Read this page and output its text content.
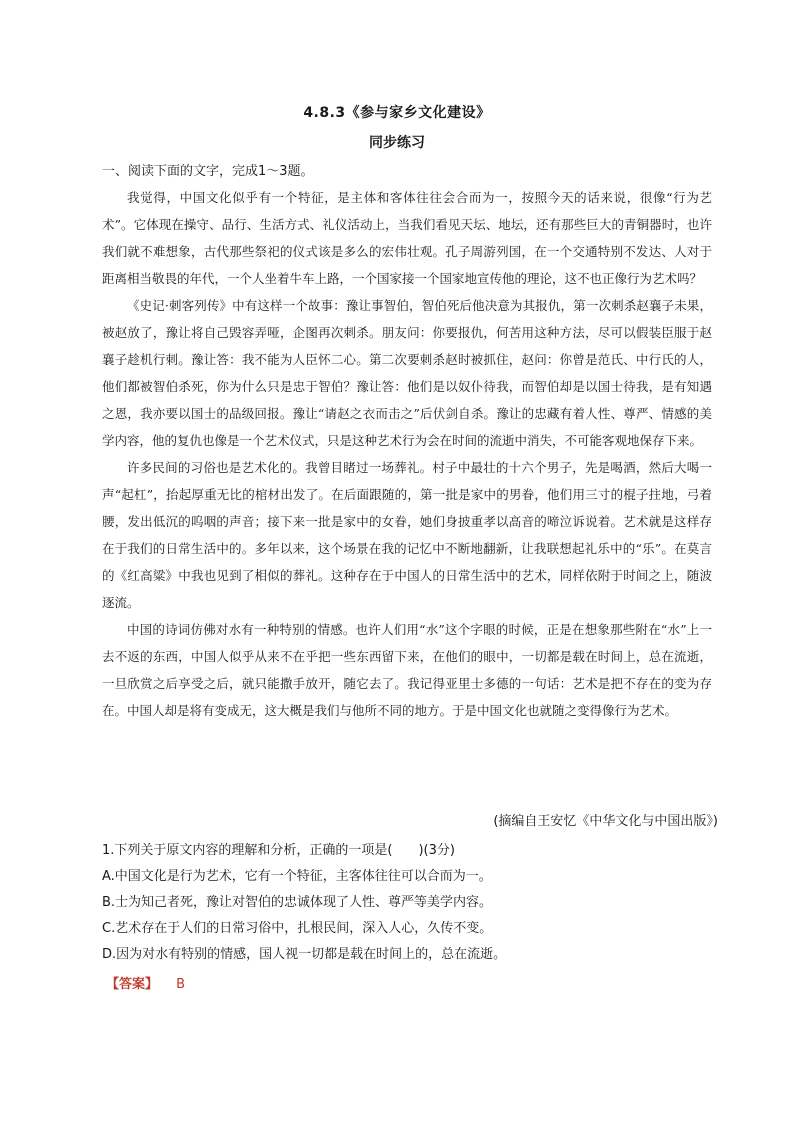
4.8.3《参与家乡文化建设》
同步练习
一、阅读下面的文字，完成1～3题。

我觉得，中国文化似乎有一个特征，是主体和客体往往会合而为一，按照今天的话来说，很像“行为艺术”。它体现在操守、品行、生活方式、礼仪活动上，当我们看见天坛、地坛，还有那些巨大的青铜器时，也许我们就不难想象，古代那些祭祀的仪式该是多么的宏伟壮观。孔子周游列国，在一个交通特别不发达、人对于距离相当敬畏的年代，一个人坐着牛车上路，一个国家接一个国家地宣传他的理论，这不也正像行为艺术吗？

《史记·刺客列传》中有这样一个故事：豫让事智伯，智伯死后他决意为其报仇，第一次刺杀赵襄子未果，被赵放了，豫让将自己毁容弄哑，企图再次刺杀。朋友问：你要报仇，何苦用这种方法，尽可以假装臣服于赵襄子趁机行刺。豫让答：我不能为人臣怀二心。第二次要刺杀赵时被抓住，赵问：你曾是范氏、中行氏的人，他们都被智伯杀死，你为什么只是忠于智伯？豫让答：他们是以奴仆待我，而智伯却是以国士待我，是有知遇之恩，我亦要以国士的品级回报。豫让“请赵之衣而击之”后伏剑自杀。豫让的忠藏有着人性、尊严、情感的美学内容，他的复仇也像是一个艺术仪式，只是这种艺术行为会在时间的流逝中消失，不可能客观地保存下来。

许多民间的习俗也是艺术化的。我曾目睹过一场葬礼。村子中最壮的十六个男子，先是喝酒，然后大喝一声“起杠”，抬起厚重无比的棺材出发了。在后面跟随的，第一批是家中的男眷，他们用三寸的棍子拄地，弓着腰，发出低沉的呜咽的声音；接下来一批是家中的女眷，她们身披重孝以高音的啼泣诉说着。艺术就是这样存在于我们的日常生活中的。多年以来，这个场景在我的记忆中不断地翻新，让我联想起礼乐中的“乐”。在莫言的《红高粱》中我也见到了相似的葬礼。这种存在于中国人的日常生活中的艺术，同样依附于时间之上，随波逐流。

中国的诗词仿佛对水有一种特别的情感。也许人们用“水”这个字眼的时候，正是在想象那些附在“水”上一去不返的东西，中国人似乎从来不在乎把一些东西留下来，在他们的眼中，一切都是载在时间上，总在流逝，一旦欣赏之后享受之后，就只能撒手放开，随它去了。我记得亚里士多德的一句话：艺术是把不存在的变为存在。中国人却是将有变成无，这大概是我们与他所不同的地方。于是中国文化也就随之变得像行为艺术。

(摘编自王安忆《中华文化与中国出版》)
1.下列关于原文内容的理解和分析，正确的一项是(　　)(3分)
A.中国文化是行为艺术，它有一个特征，主客体往往可以合而为一。
B.士为知己者死，豫让对智伯的忠诚体现了人性、尊严等美学内容。
C.艺术存在于人们的日常习俗中，扎根民间，深入人心，久传不变。
D.因为对水有特别的情感，国人视一切都是载在时间上的，总在流逝。
【答案】 B
